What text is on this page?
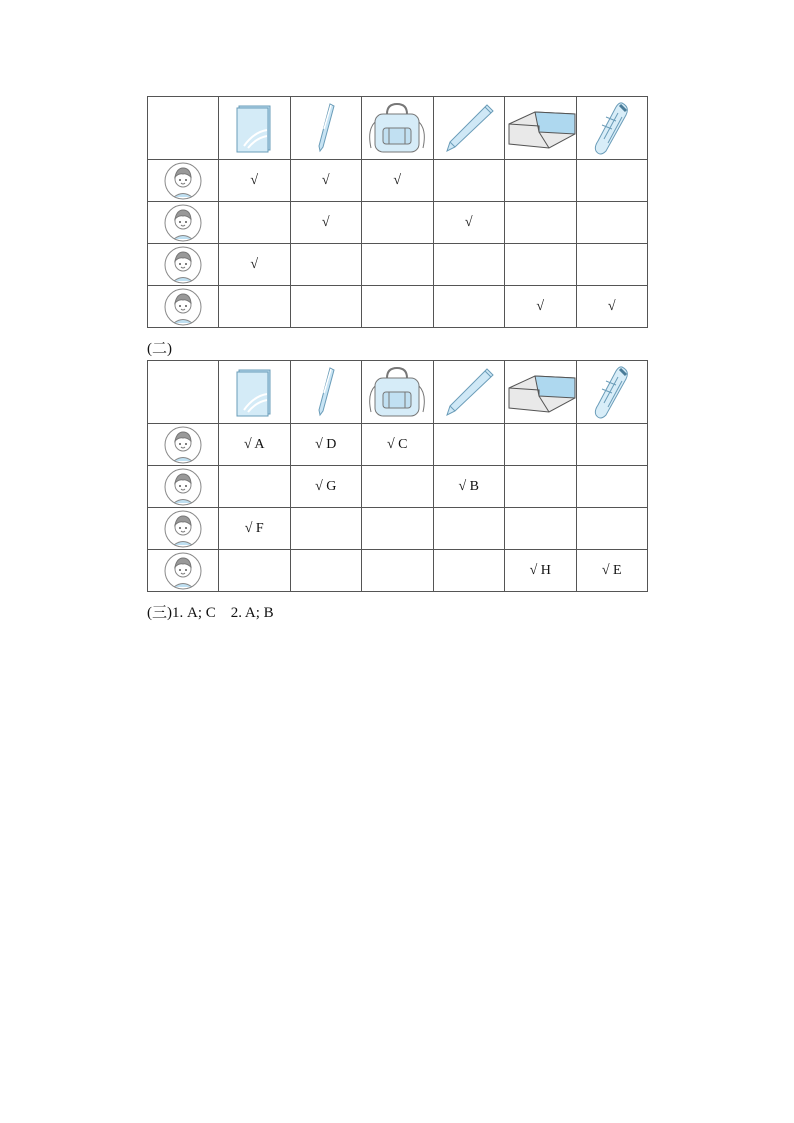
	√	√	√			

		√		√		

	√					

					√	√
(二)

	√ A	√ D	√ C			

		√ G		√ B		

	√ F					

					√ H	√ E
(三)1. A; C　2. A; B
